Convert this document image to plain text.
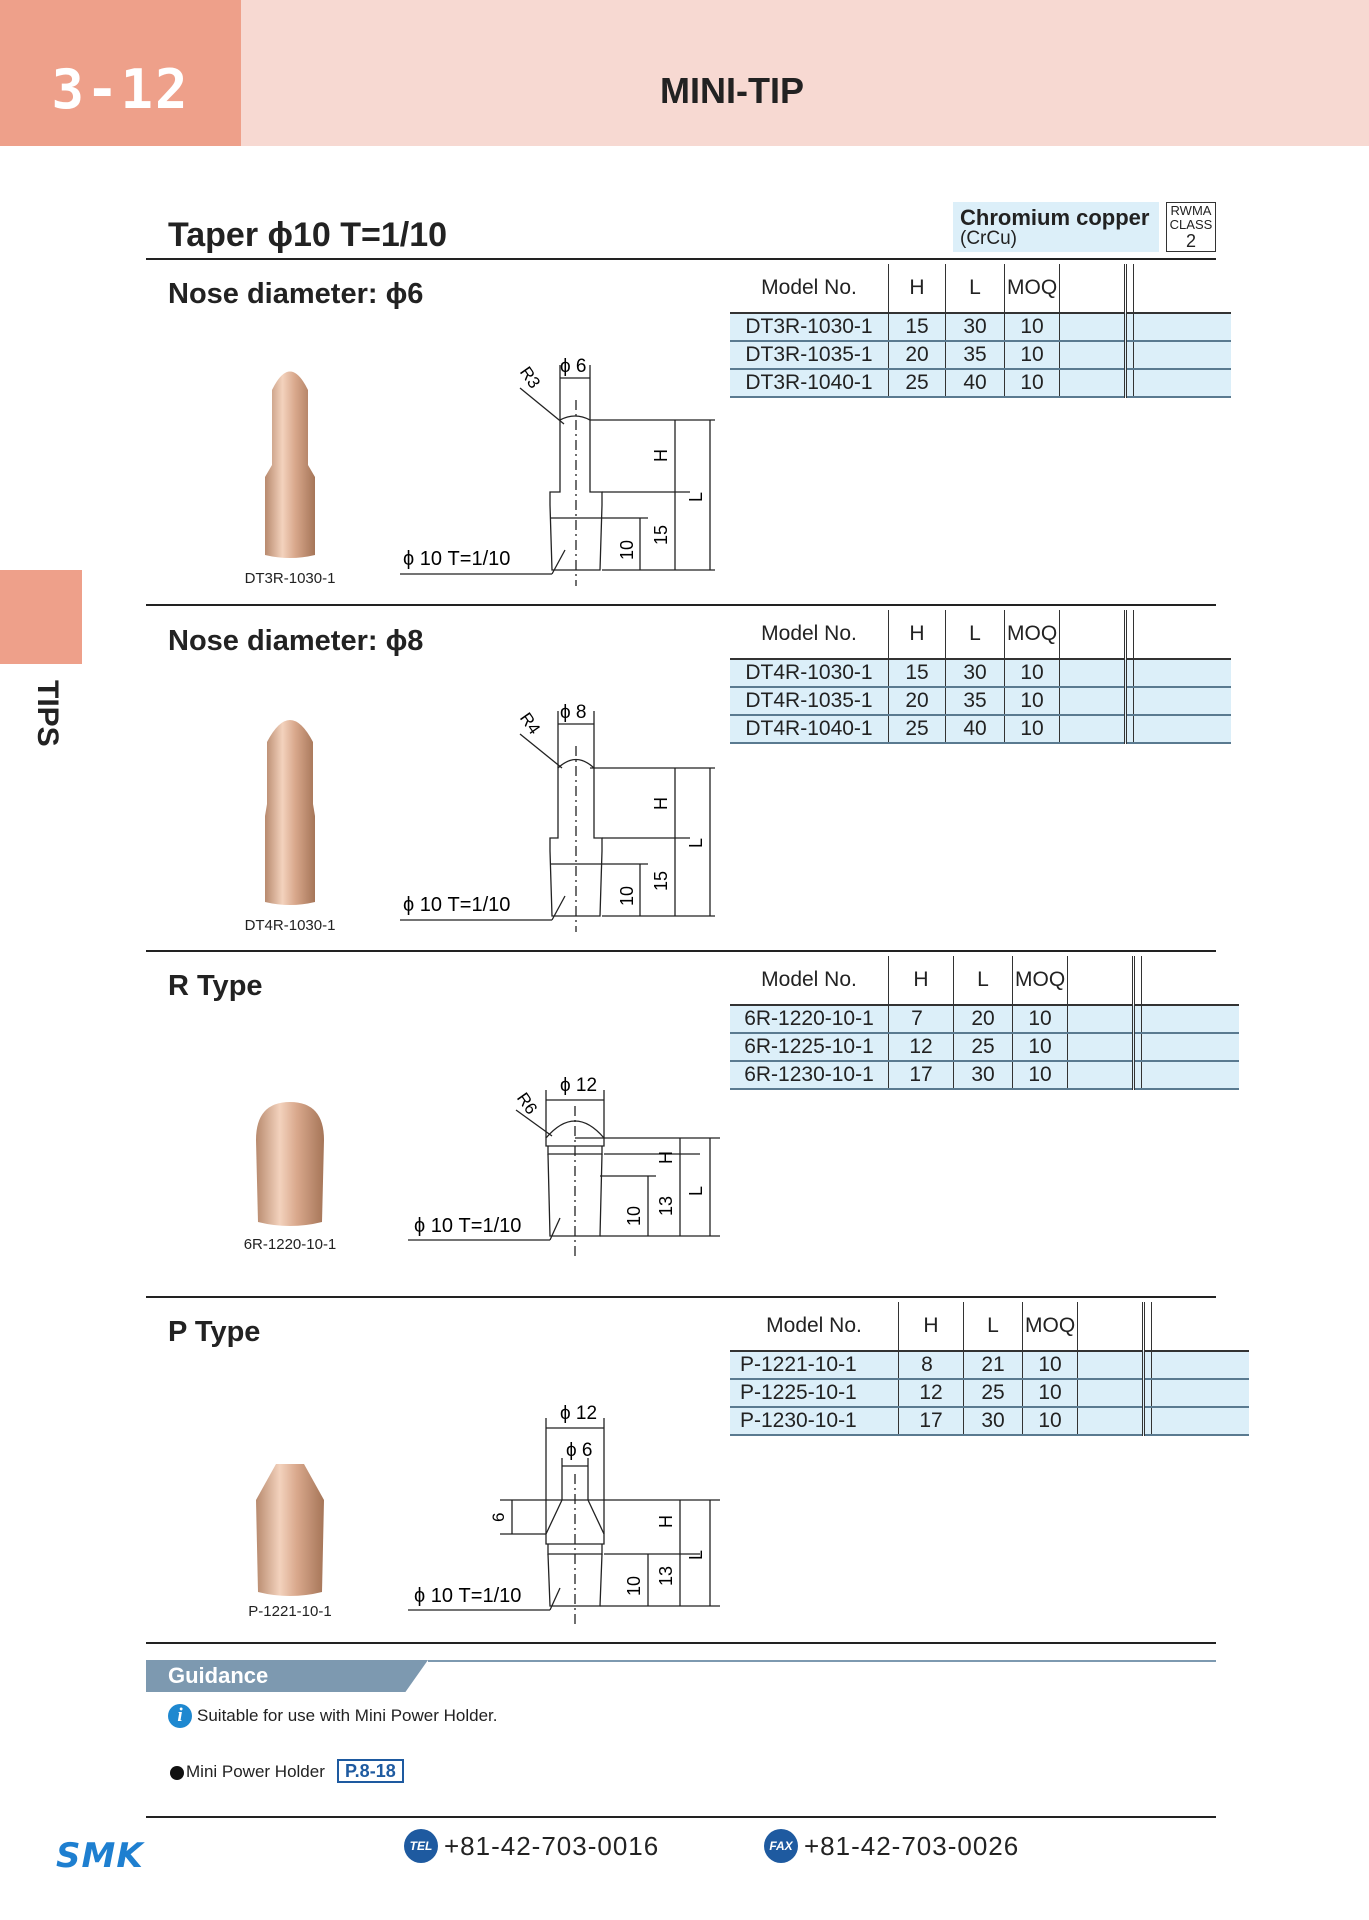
3-12	MINI-TIP
TIPS
Taper ϕ10 T=1/10	Chromium copper
(CrCu)
RWMA
CLASS
2
Nose diameter: ϕ6
DT3R-1030-1
ϕ 6
R3
ϕ 10 T=1/10
H
L
10
15
Model No.	H	L	MOQ			
DT3R-1030-1	15	30	10			
DT3R-1035-1	20	35	10			
DT3R-1040-1	25	40	10			
Nose diameter: ϕ8
DT4R-1030-1
ϕ 8
R4
ϕ 10 T=1/10
H
L
10
15
Model No.	H	L	MOQ			
DT4R-1030-1	15	30	10			
DT4R-1035-1	20	35	10			
DT4R-1040-1	25	40	10			
R Type
6R-1220-10-1
ϕ 12
R6
ϕ 10 T=1/10
H
L
10 13
Model No.	H	L	MOQ			
6R-1220-10-1	7	20	10			
6R-1225-10-1	12	25	10			
6R-1230-10-1	17	30	10			
P Type
P-1221-10-1
ϕ 12
ϕ 6
6
ϕ 10 T=1/10
H
L
10 13
Model No.	H	L	MOQ			
P-1221-10-1	8	21	10			
P-1225-10-1	12	25	10			
P-1230-10-1	17	30	10			
Guidance
i Suitable for use with Mini Power Holder.
Mini Power Holder	P.8-18
SMK	TEL +81-42-703-0016	FAX +81-42-703-0026
